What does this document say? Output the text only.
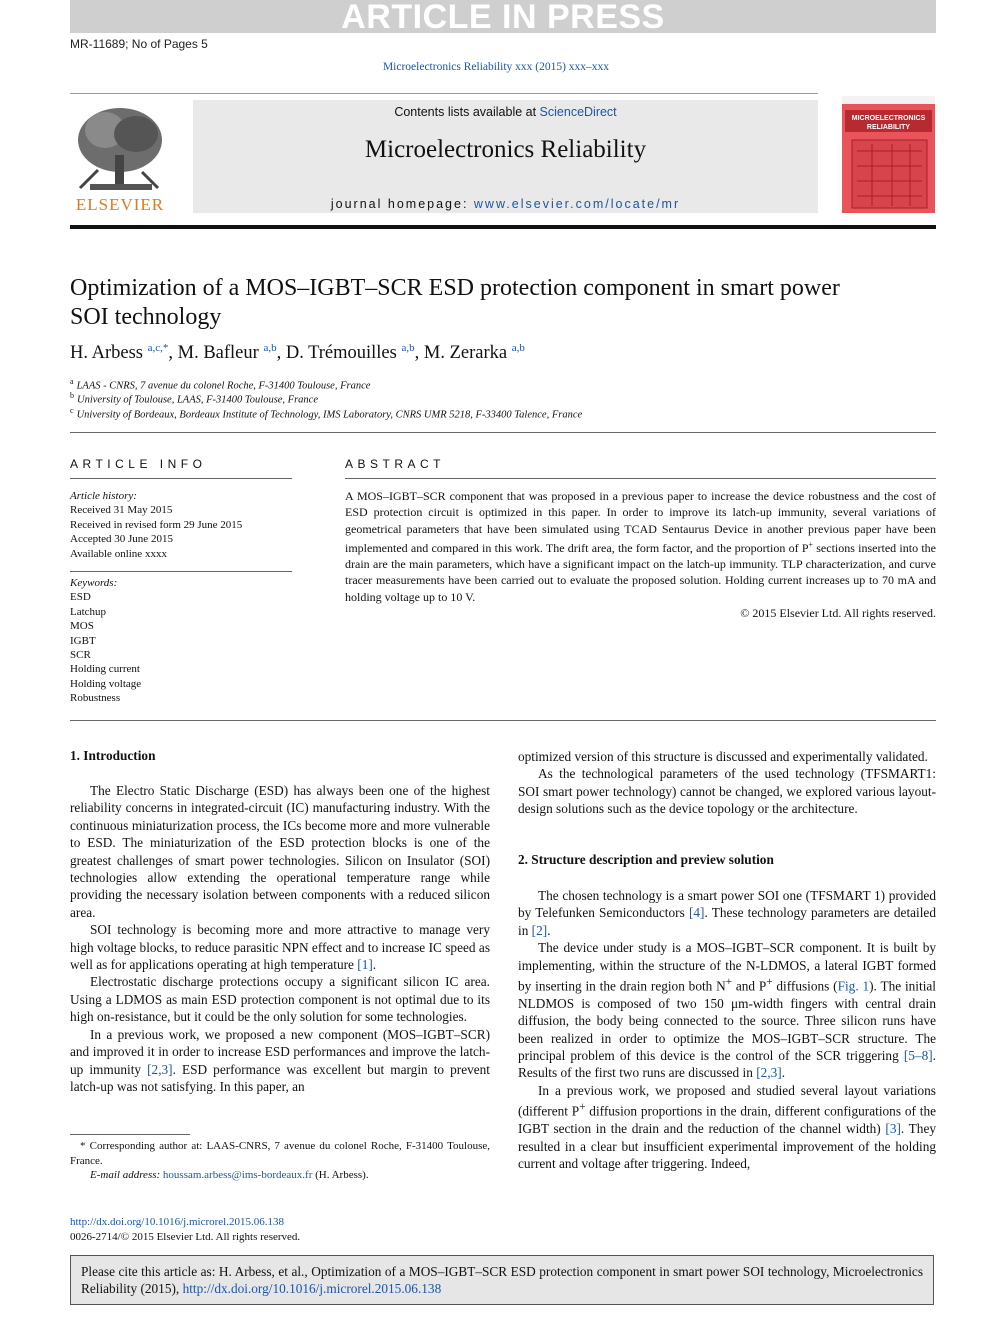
ARTICLE IN PRESS
MR-11689; No of Pages 5
Microelectronics Reliability xxx (2015) xxx–xxx
ELSEVIER
Contents lists available at ScienceDirect
Microelectronics Reliability
journal homepage: www.elsevier.com/locate/mr
MICROELECTRONICS
RELIABILITY
Optimization of a MOS–IGBT–SCR ESD protection component in smart power
SOI technology
H. Arbess $^{a,c,*}$, M. Bafleur $^{a,b}$, D. Trémouilles $^{a,b}$, M. Zerarka $^{a,b}$
$^a$ LAAS - CNRS, 7 avenue du colonel Roche, F-31400 Toulouse, France
$^b$ University of Toulouse, LAAS, F-31400 Toulouse, France
$^c$ University of Bordeaux, Bordeaux Institute of Technology, IMS Laboratory, CNRS UMR 5218, F-33400 Talence, France
ARTICLE INFO
Article history:
Received 31 May 2015
Received in revised form 29 June 2015
Accepted 30 June 2015
Available online xxxx
Keywords:
ESD
Latchup
MOS
IGBT
SCR
Holding current
Holding voltage
Robustness
ABSTRACT
A MOS–IGBT–SCR component that was proposed in a previous paper to increase the device robustness and the cost of ESD protection circuit is optimized in this paper. In order to improve its latch-up immunity, several variations of geometrical parameters that have been simulated using TCAD Sentaurus Device in another previous paper have been implemented and compared in this work. The drift area, the form factor, and the proportion of P+ sections inserted into the drain are the main parameters, which have a significant impact on the latch-up immunity. TLP characterization, and curve tracer measurements have been carried out to evaluate the proposed solution. Holding current increases up to 70 mA and holding voltage up to 10 V.
© 2015 Elsevier Ltd. All rights reserved.
1. Introduction

The Electro Static Discharge (ESD) has always been one of the highest reliability concerns in integrated-circuit (IC) manufacturing industry. With the continuous miniaturization process, the ICs become more and more vulnerable to ESD. The miniaturization of the ESD protection blocks is one of the greatest challenges of smart power technologies. Silicon on Insulator (SOI) technologies allow extending the operational temperature range while providing the necessary isolation between components with a reduced silicon area.

SOI technology is becoming more and more attractive to manage very high voltage blocks, to reduce parasitic NPN effect and to increase IC speed as well as for applications operating at high temperature [1].

Electrostatic discharge protections occupy a significant silicon IC area. Using a LDMOS as main ESD protection component is not optimal due to its high on-resistance, but it could be the only solution for some technologies.

In a previous work, we proposed a new component (MOS–IGBT–SCR) and improved it in order to increase ESD performances and improve the latch-up immunity [2,3]. ESD performance was excellent but margin to prevent latch-up was not satisfying. In this paper, an

optimized version of this structure is discussed and experimentally validated.

As the technological parameters of the used technology (TFSMART1: SOI smart power technology) cannot be changed, we explored various layout-design solutions such as the device topology or the architecture.

2. Structure description and preview solution

The chosen technology is a smart power SOI one (TFSMART 1) provided by Telefunken Semiconductors [4]. These technology parameters are detailed in [2].

The device under study is a MOS–IGBT–SCR component. It is built by implementing, within the structure of the N-LDMOS, a lateral IGBT formed by inserting in the drain region both N+ and P+ diffusions (Fig. 1). The initial NLDMOS is composed of two 150 μm-width fingers with central drain diffusion, the body being connected to the source. Three silicon runs have been realized in order to optimize the MOS–IGBT–SCR structure. The principal problem of this device is the control of the SCR triggering [5–8]. Results of the first two runs are discussed in [2,3].

In a previous work, we proposed and studied several layout variations (different P+ diffusion proportions in the drain, different configurations of the IGBT section in the drain and the reduction of the channel width) [3]. They resulted in a clear but insufficient experimental improvement of the holding current and voltage after triggering. Indeed,

* Corresponding author at: LAAS-CNRS, 7 avenue du colonel Roche, F-31400 Toulouse, France.
E-mail address: houssam.arbess@ims-bordeaux.fr (H. Arbess).
http://dx.doi.org/10.1016/j.microrel.2015.06.138
0026-2714/© 2015 Elsevier Ltd. All rights reserved.
Please cite this article as: H. Arbess, et al., Optimization of a MOS–IGBT–SCR ESD protection component in smart power SOI technology, Microelectronics Reliability (2015), http://dx.doi.org/10.1016/j.microrel.2015.06.138
